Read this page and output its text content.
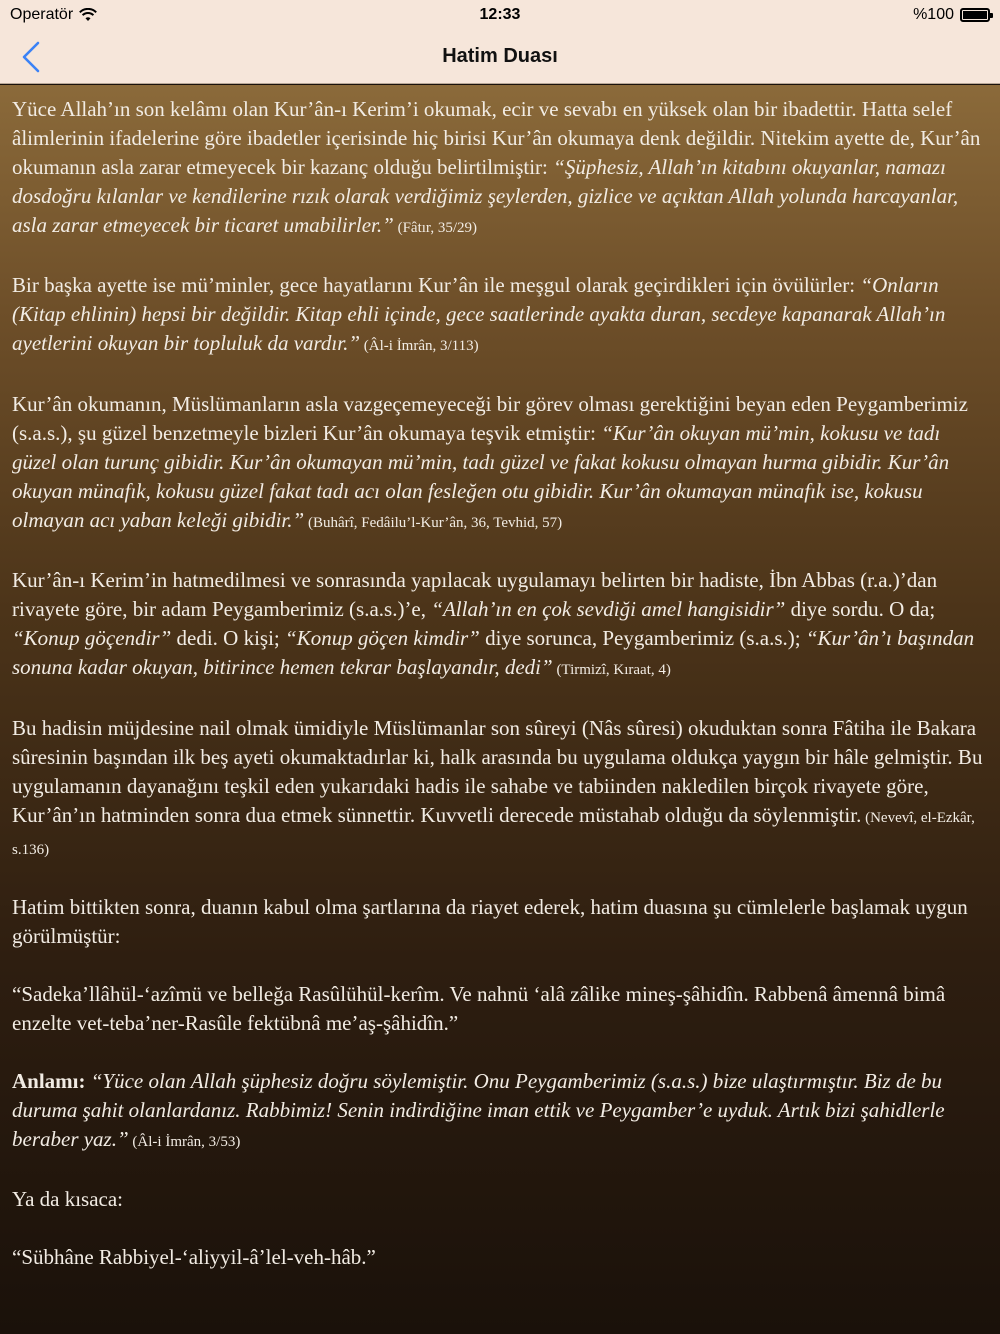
Operatör	12:33	%100
Hatim Duası

Yüce Allah’ın son kelâmı olan Kur’ân-ı Kerim’i okumak, ecir ve sevabı en yüksek olan bir ibadettir. Hatta selef âlimlerinin ifadelerine göre ibadetler içerisinde hiç birisi Kur’ân okumaya denk değildir. Nitekim ayette de, Kur’ân okumanın asla zarar etmeyecek bir kazanç olduğu belirtilmiştir: “Şüphesiz, Allah’ın kitabını okuyanlar, namazı dosdoğru kılanlar ve kendilerine rızık olarak verdiğimiz şeylerden, gizlice ve açıktan Allah yolunda harcayanlar, asla zarar etmeyecek bir ticaret umabilirler.” (Fâtır, 35/29)

Bir başka ayette ise mü’minler, gece hayatlarını Kur’ân ile meşgul olarak geçirdikleri için övülürler: “Onların (Kitap ehlinin) hepsi bir değildir. Kitap ehli içinde, gece saatlerinde ayakta duran, secdeye kapanarak Allah’ın ayetlerini okuyan bir topluluk da vardır.” (Âl-i İmrân, 3/113)

Kur’ân okumanın, Müslümanların asla vazgeçemeyeceği bir görev olması gerektiğini beyan eden Peygamberimiz (s.a.s.), şu güzel benzetmeyle bizleri Kur’ân okumaya teşvik etmiştir: “Kur’ân okuyan mü’min, kokusu ve tadı güzel olan turunç gibidir. Kur’ân okumayan mü’min, tadı güzel ve fakat kokusu olmayan hurma gibidir. Kur’ân okuyan münafık, kokusu güzel fakat tadı acı olan fesleğen otu gibidir. Kur’ân okumayan münafık ise, kokusu olmayan acı yaban keleği gibidir.” (Buhârî, Fedâilu’l-Kur’ân, 36, Tevhid, 57)

Kur’ân-ı Kerim’in hatmedilmesi ve sonrasında yapılacak uygulamayı belirten bir hadiste, İbn Abbas (r.a.)’dan rivayete göre, bir adam Peygamberimiz (s.a.s.)’e, “Allah’ın en çok sevdiği amel hangisidir” diye sordu. O da; “Konup göçendir” dedi. O kişi; “Konup göçen kimdir” diye sorunca, Peygamberimiz (s.a.s.); “Kur’ân’ı başından sonuna kadar okuyan, bitirince hemen tekrar başlayandır, dedi” (Tirmizî, Kıraat, 4)

Bu hadisin müjdesine nail olmak ümidiyle Müslümanlar son sûreyi (Nâs sûresi) okuduktan sonra Fâtiha ile Bakara sûresinin başından ilk beş ayeti okumaktadırlar ki, halk arasında bu uygulama oldukça yaygın bir hâle gelmiştir. Bu uygulamanın dayanağını teşkil eden yukarıdaki hadis ile sahabe ve tabiinden nakledilen birçok rivayete göre, Kur’ân’ın hatminden sonra dua etmek sünnettir. Kuvvetli derecede müstahab olduğu da söylenmiştir. (Nevevî, el-Ezkâr, s.136)

Hatim bittikten sonra, duanın kabul olma şartlarına da riayet ederek, hatim duasına şu cümlelerle başlamak uygun görülmüştür:

“Sadeka’llâhül-‘azîmü ve belleğa Rasûlühül-kerîm. Ve nahnü ‘alâ zâlike mineş-şâhidîn. Rabbenâ âmennâ bimâ enzelte vet-teba’ner-Rasûle fektübnâ me’aş-şâhidîn.”

Anlamı: “Yüce olan Allah şüphesiz doğru söylemiştir. Onu Peygamberimiz (s.a.s.) bize ulaştırmıştır. Biz de bu duruma şahit olanlardanız. Rabbimiz! Senin indirdiğine iman ettik ve Peygamber’e uyduk. Artık bizi şahidlerle beraber yaz.” (Âl-i İmrân, 3/53)

Ya da kısaca:

“Sübhâne Rabbiyel-‘aliyyil-â’lel-veh-hâb.”
